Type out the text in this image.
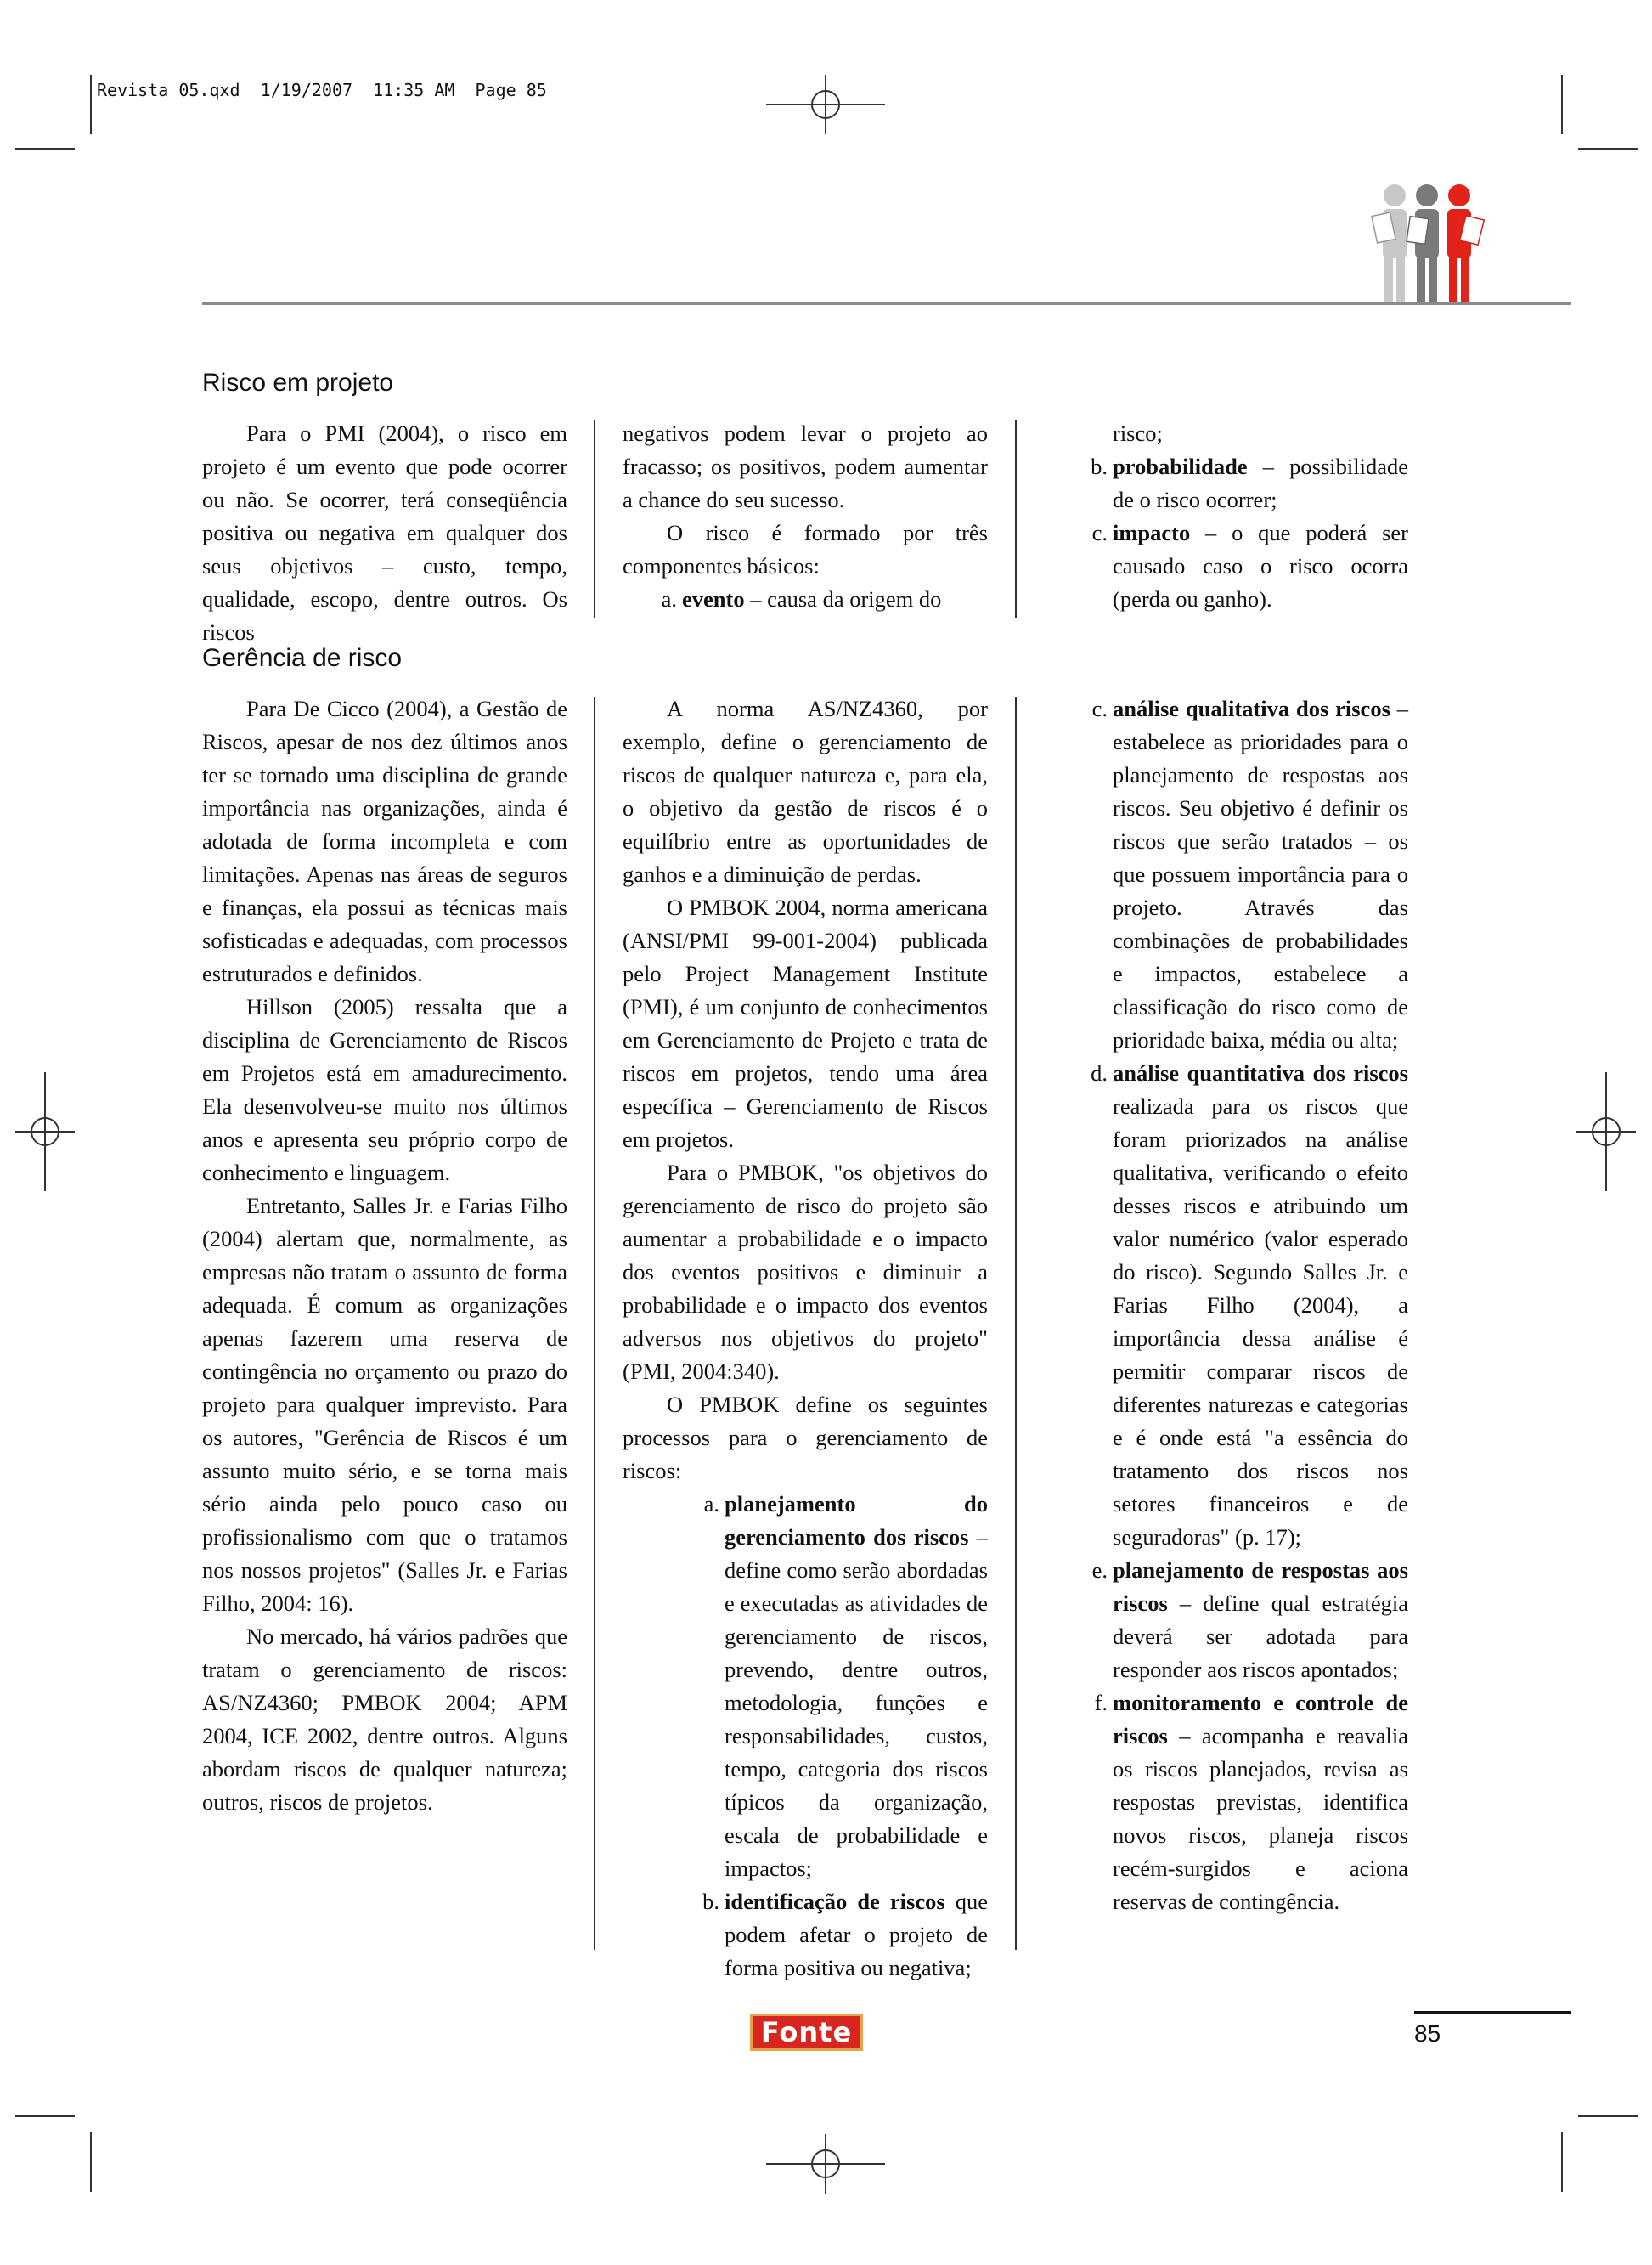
Revista 05.qxd  1/19/2007  11:35 AM  Page 85
Risco em projeto

Para o PMI (2004), o risco em projeto é um evento que pode ocorrer ou não. Se ocorrer, terá conseqüência positiva ou negativa em qualquer dos seus objetivos – custo, tempo, qualidade, escopo, dentre outros. Os riscos

negativos podem levar o projeto ao fracasso; os positivos, podem aumentar a chance do seu sucesso.

O risco é formado por três componentes básicos:

a. evento – causa da origem do
risco;
b. probabilidade – possibilidade de o risco ocorrer;
c. impacto – o que poderá ser causado caso o risco ocorra (perda ou ganho).
Gerência de risco

Para De Cicco (2004), a Gestão de Riscos, apesar de nos dez últimos anos ter se tornado uma disciplina de grande importância nas organizações, ainda é adotada de forma incompleta e com limitações. Apenas nas áreas de seguros e finanças, ela possui as técnicas mais sofisticadas e adequadas, com processos estruturados e definidos.

Hillson (2005) ressalta que a disciplina de Gerenciamento de Riscos em Projetos está em amadurecimento. Ela desenvolveu-se muito nos últimos anos e apresenta seu próprio corpo de conhecimento e linguagem.

Entretanto, Salles Jr. e Farias Filho (2004) alertam que, normalmente, as empresas não tratam o assunto de forma adequada. É comum as organizações apenas fazerem uma reserva de contingência no orçamento ou prazo do projeto para qualquer imprevisto. Para os autores, "Gerência de Riscos é um assunto muito sério, e se torna mais sério ainda pelo pouco caso ou profissionalismo com que o tratamos nos nossos projetos" (Salles Jr. e Farias Filho, 2004: 16).

No mercado, há vários padrões que tratam o gerenciamento de riscos: AS/NZ4360; PMBOK 2004; APM 2004, ICE 2002, dentre outros. Alguns abordam riscos de qualquer natureza; outros, riscos de projetos.

A norma AS/NZ4360, por exemplo, define o gerenciamento de riscos de qualquer natureza e, para ela, o objetivo da gestão de riscos é o equilíbrio entre as oportunidades de ganhos e a diminuição de perdas.

O PMBOK 2004, norma americana (ANSI/PMI 99-001-2004) publicada pelo Project Management Institute (PMI), é um conjunto de conhecimentos em Gerenciamento de Projeto e trata de riscos em projetos, tendo uma área específica – Gerenciamento de Riscos em projetos.

Para o PMBOK, "os objetivos do gerenciamento de risco do projeto são aumentar a probabilidade e o impacto dos eventos positivos e diminuir a probabilidade e o impacto dos eventos adversos nos objetivos do projeto" (PMI, 2004:340).

O PMBOK define os seguintes processos para o gerenciamento de riscos:

a. planejamento do gerenciamento dos riscos – define como serão abordadas e executadas as atividades de gerenciamento de riscos, prevendo, dentre outros, metodologia, funções e responsabilidades, custos, tempo, categoria dos riscos típicos da organização, escala de probabilidade e impactos;
b. identificação de riscos que podem afetar o projeto de forma positiva ou negativa;
c. análise qualitativa dos riscos – estabelece as prioridades para o planejamento de respostas aos riscos. Seu objetivo é definir os riscos que serão tratados – os que possuem importância para o projeto. Através das combinações de probabilidades e impactos, estabelece a classificação do risco como de prioridade baixa, média ou alta;
d. análise quantitativa dos riscos realizada para os riscos que foram priorizados na análise qualitativa, verificando o efeito desses riscos e atribuindo um valor numérico (valor esperado do risco). Segundo Salles Jr. e Farias Filho (2004), a importância dessa análise é permitir comparar riscos de diferentes naturezas e categorias e é onde está "a essência do tratamento dos riscos nos setores financeiros e de seguradoras" (p. 17);
e. planejamento de respostas aos riscos – define qual estratégia deverá ser adotada para responder aos riscos apontados;
f. monitoramento e controle de riscos – acompanha e reavalia os riscos planejados, revisa as respostas previstas, identifica novos riscos, planeja riscos recém-surgidos e aciona reservas de contingência.
Fonte	85
